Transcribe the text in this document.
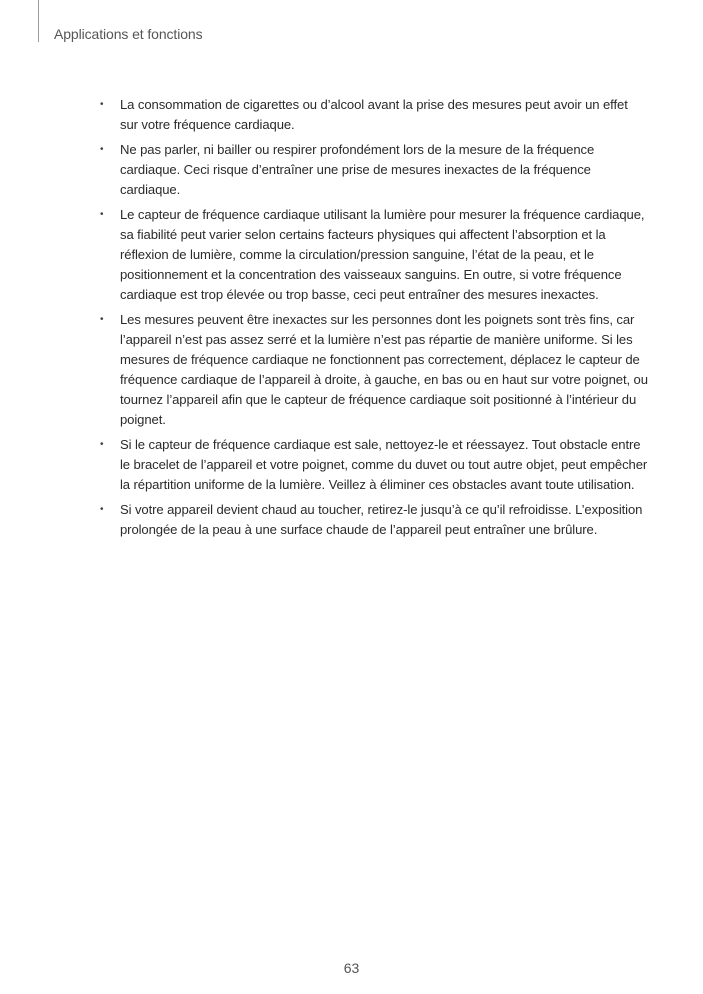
Applications et fonctions
• La consommation de cigarettes ou d’alcool avant la prise des mesures peut avoir un effet sur votre fréquence cardiaque.
• Ne pas parler, ni bailler ou respirer profondément lors de la mesure de la fréquence cardiaque. Ceci risque d’entraîner une prise de mesures inexactes de la fréquence cardiaque.
• Le capteur de fréquence cardiaque utilisant la lumière pour mesurer la fréquence cardiaque, sa fiabilité peut varier selon certains facteurs physiques qui affectent l’absorption et la réflexion de lumière, comme la circulation/pression sanguine, l’état de la peau, et le positionnement et la concentration des vaisseaux sanguins. En outre, si votre fréquence cardiaque est trop élevée ou trop basse, ceci peut entraîner des mesures inexactes.
• Les mesures peuvent être inexactes sur les personnes dont les poignets sont très fins, car l’appareil n’est pas assez serré et la lumière n’est pas répartie de manière uniforme. Si les mesures de fréquence cardiaque ne fonctionnent pas correctement, déplacez le capteur de fréquence cardiaque de l’appareil à droite, à gauche, en bas ou en haut sur votre poignet, ou tournez l’appareil afin que le capteur de fréquence cardiaque soit positionné à l’intérieur du poignet.
• Si le capteur de fréquence cardiaque est sale, nettoyez-le et réessayez. Tout obstacle entre le bracelet de l’appareil et votre poignet, comme du duvet ou tout autre objet, peut empêcher la répartition uniforme de la lumière. Veillez à éliminer ces obstacles avant toute utilisation.
• Si votre appareil devient chaud au toucher, retirez-le jusqu’à ce qu’il refroidisse. L’exposition prolongée de la peau à une surface chaude de l’appareil peut entraîner une brûlure.
63
